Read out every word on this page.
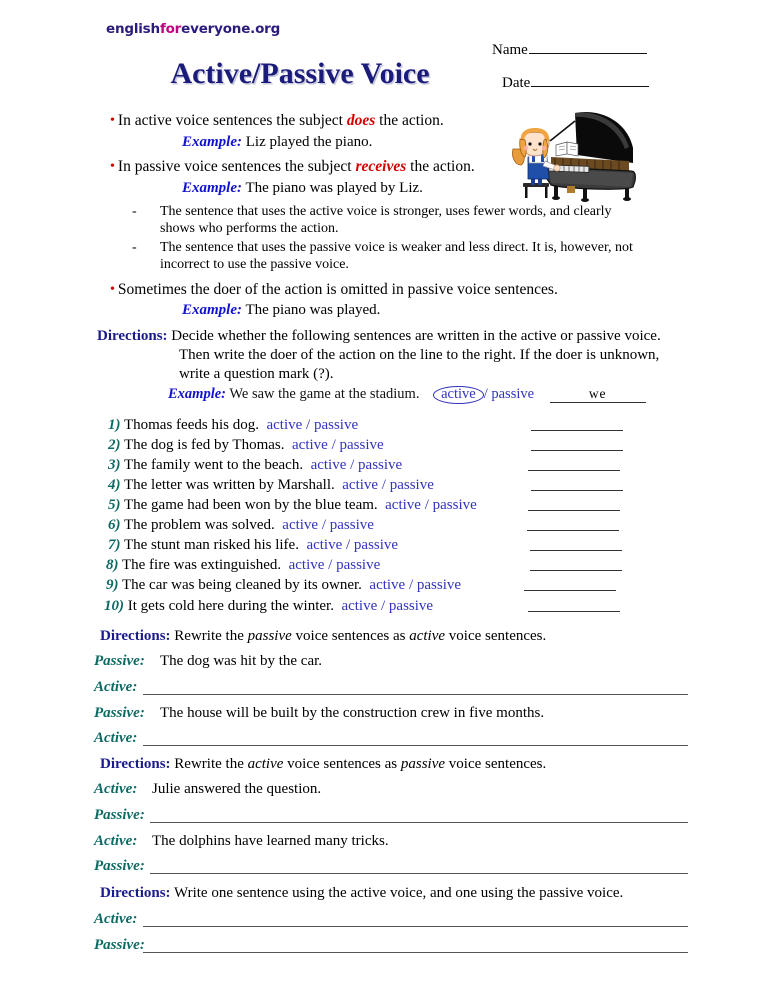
englishforeveryone.org
Active/Passive Voice
Name
Date
• In active voice sentences the subject does the action.
Example: Liz played the piano.
• In passive voice sentences the subject receives the action.
Example: The piano was played by Liz.
- The sentence that uses the active voice is stronger, uses fewer words, and clearly shows who performs the action.
- The sentence that uses the passive voice is weaker and less direct. It is, however, not incorrect to use the passive voice.
• Sometimes the doer of the action is omitted in passive voice sentences.
Example: The piano was played.
Directions: Decide whether the following sentences are written in the active or passive voice.
Then write the doer of the action on the line to the right. If the doer is unknown,
write a question mark (?).
Example: We saw the game at the stadium. active / passive	we
1) Thomas feeds his dog.  active / passive
2) The dog is fed by Thomas.  active / passive
3) The family went to the beach.  active / passive
4) The letter was written by Marshall.  active / passive
5) The game had been won by the blue team.  active / passive
6) The problem was solved.  active / passive
7) The stunt man risked his life.  active / passive
8) The fire was extinguished.  active / passive
9) The car was being cleaned by its owner.  active / passive
10) It gets cold here during the winter.  active / passive
Directions: Rewrite the passive voice sentences as active voice sentences.
Passive: The dog was hit by the car.
Active:
Passive: The house will be built by the construction crew in five months.
Active:
Directions: Rewrite the active voice sentences as passive voice sentences.
Active: Julie answered the question.
Passive:
Active: The dolphins have learned many tricks.
Passive:
Directions: Write one sentence using the active voice, and one using the passive voice.
Active:
Passive:
